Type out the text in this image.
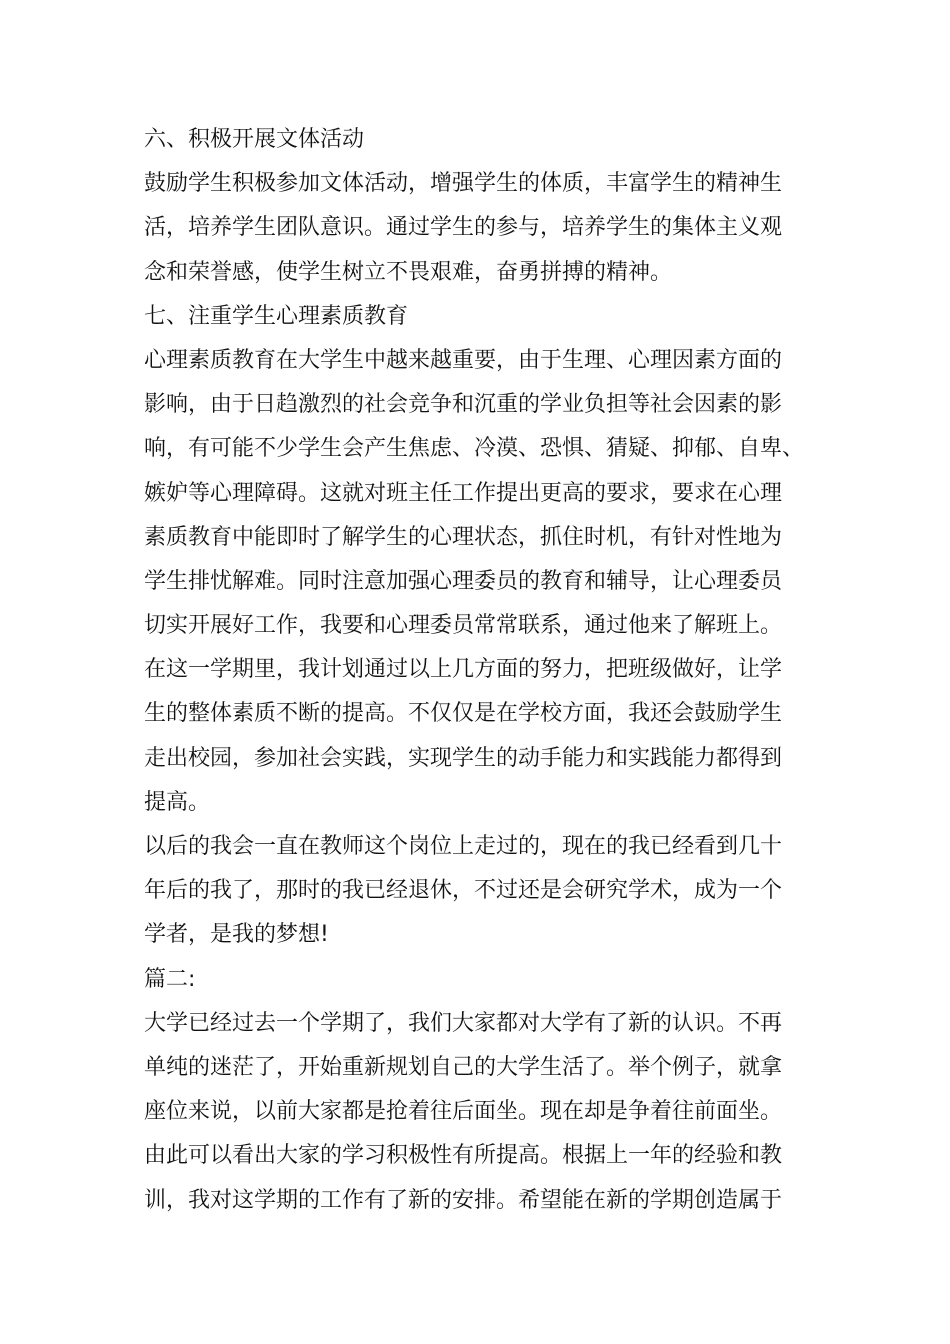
六、积极开展文体活动
鼓励学生积极参加文体活动，增强学生的体质，丰富学生的精神生
活，培养学生团队意识。通过学生的参与，培养学生的集体主义观
念和荣誉感，使学生树立不畏艰难，奋勇拼搏的精神。
七、注重学生心理素质教育
心理素质教育在大学生中越来越重要，由于生理、心理因素方面的
影响，由于日趋激烈的社会竞争和沉重的学业负担等社会因素的影
响，有可能不少学生会产生焦虑、冷漠、恐惧、猜疑、抑郁、自卑、
嫉妒等心理障碍。这就对班主任工作提出更高的要求，要求在心理
素质教育中能即时了解学生的心理状态，抓住时机，有针对性地为
学生排忧解难。同时注意加强心理委员的教育和辅导，让心理委员
切实开展好工作，我要和心理委员常常联系，通过他来了解班上。
在这一学期里，我计划通过以上几方面的努力，把班级做好，让学
生的整体素质不断的提高。不仅仅是在学校方面，我还会鼓励学生
走出校园，参加社会实践，实现学生的动手能力和实践能力都得到
提高。
以后的我会一直在教师这个岗位上走过的，现在的我已经看到几十
年后的我了，那时的我已经退休，不过还是会研究学术，成为一个
学者，是我的梦想!
篇二:
大学已经过去一个学期了，我们大家都对大学有了新的认识。不再
单纯的迷茫了，开始重新规划自己的大学生活了。举个例子，就拿
座位来说，以前大家都是抢着往后面坐。现在却是争着往前面坐。
由此可以看出大家的学习积极性有所提高。根据上一年的经验和教
训，我对这学期的工作有了新的安排。希望能在新的学期创造属于
